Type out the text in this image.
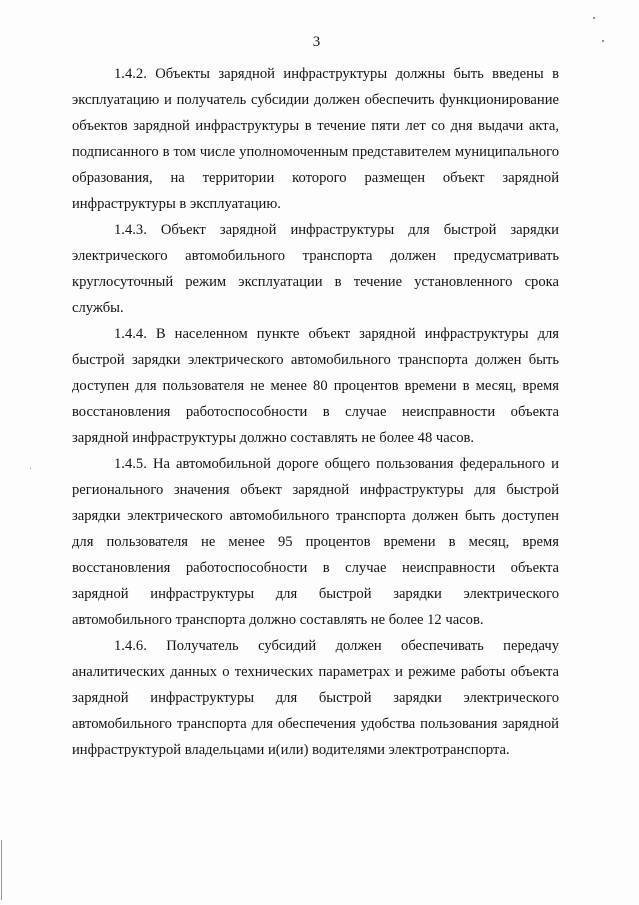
3

1.4.2. Объекты зарядной инфраструктуры должны быть введены в эксплуатацию и получатель субсидии должен обеспечить функционирование объектов зарядной инфраструктуры в течение пяти лет со дня выдачи акта, подписанного в том числе уполномоченным представителем муниципального образования, на территории которого размещен объект зарядной инфраструктуры в эксплуатацию.

1.4.3. Объект зарядной инфраструктуры для быстрой зарядки электрического автомобильного транспорта должен предусматривать круглосуточный режим эксплуатации в течение установленного срока службы.

1.4.4. В населенном пункте объект зарядной инфраструктуры для быстрой зарядки электрического автомобильного транспорта должен быть доступен для пользователя не менее 80 процентов времени в месяц, время восстановления работоспособности в случае неисправности объекта зарядной инфраструктуры должно составлять не более 48 часов.

1.4.5. На автомобильной дороге общего пользования федерального и регионального значения объект зарядной инфраструктуры для быстрой зарядки электрического автомобильного транспорта должен быть доступен для пользователя не менее 95 процентов времени в месяц, время восстановления работоспособности в случае неисправности объекта зарядной инфраструктуры для быстрой зарядки электрического автомобильного транспорта должно составлять не более 12 часов.

1.4.6. Получатель субсидий должен обеспечивать передачу аналитических данных о технических параметрах и режиме работы объекта зарядной инфраструктуры для быстрой зарядки электрического автомобильного транспорта для обеспечения удобства пользования зарядной инфраструктурой владельцами и(или) водителями электротранспорта.
